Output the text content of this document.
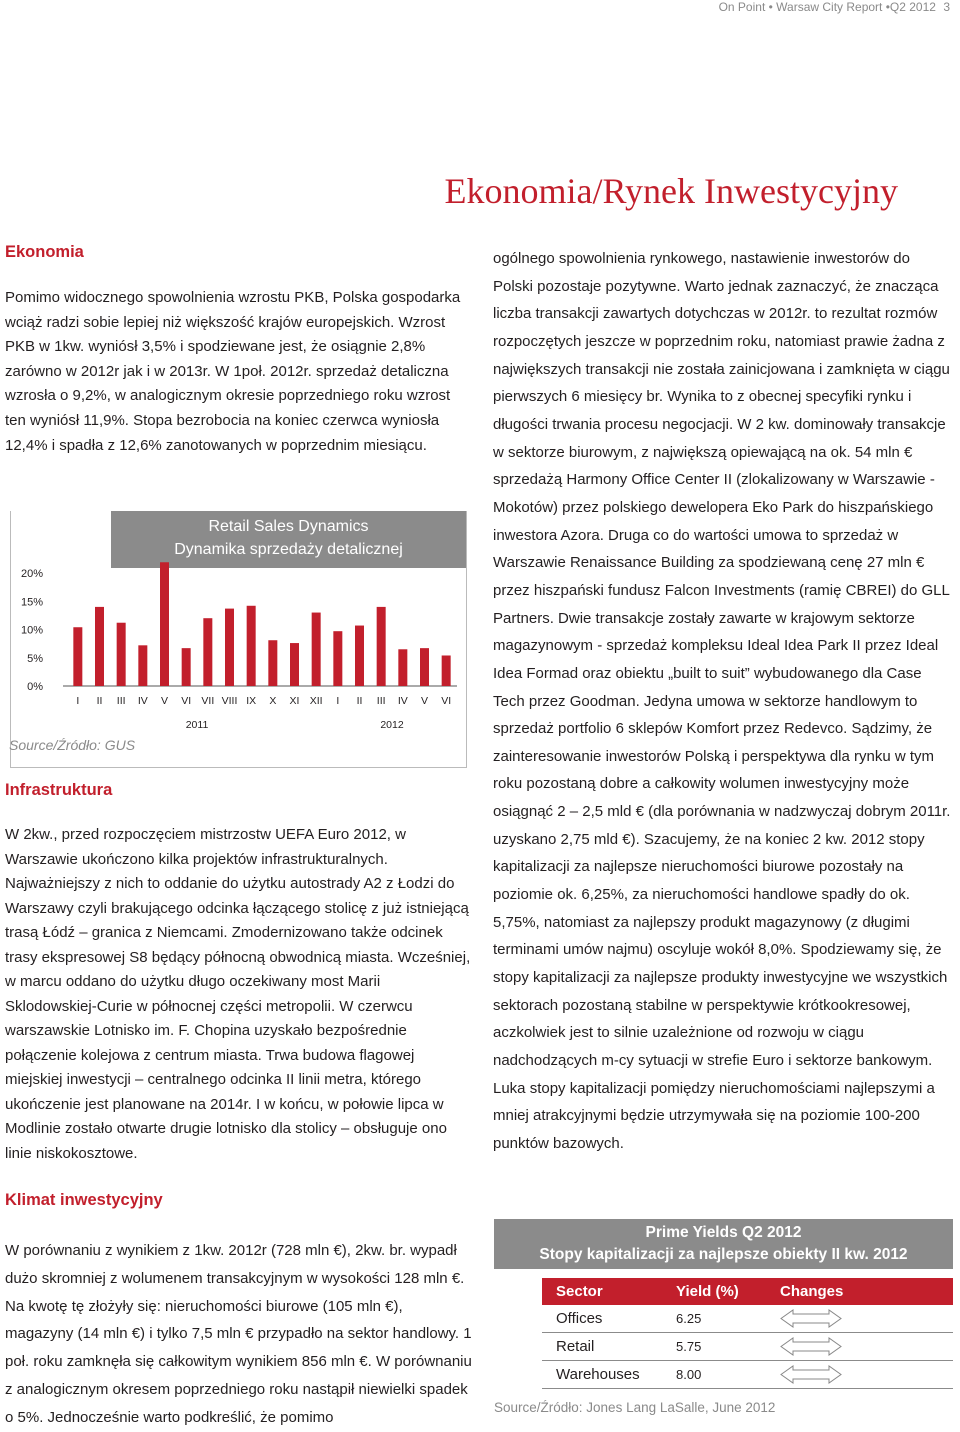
On Point • Warsaw City Report •Q2 2012 3
Ekonomia/Rynek Inwestycyjny
Ekonomia
Pomimo widocznego spowolnienia wzrostu PKB, Polska gospodarka wciąż radzi sobie lepiej niż większość krajów europejskich. Wzrost PKB w 1kw. wyniósł 3,5% i spodziewane jest, że osiągnie 2,8% zarówno w 2012r jak i w 2013r. W 1poł. 2012r. sprzedaż detaliczna wzrosła o 9,2%, w analogicznym okresie poprzedniego roku wzrost ten wyniósł 11,9%. Stopa bezrobocia na koniec czerwca wyniosła 12,4% i spadła z 12,6% zanotowanych w poprzednim miesiącu.
Retail Sales Dynamics
Dynamika sprzedaży detalicznej
0%
5%
10%
15%
20%
I II III IV V VI VII VIII IX X XI XII I II III IV V VI
2011	2012
Source/Źródło: GUS
Infrastruktura
W 2kw., przed rozpoczęciem mistrzostw UEFA Euro 2012, w Warszawie ukończono kilka projektów infrastrukturalnych. Najważniejszy z nich to oddanie do użytku autostrady A2 z Łodzi do Warszawy czyli brakującego odcinka łączącego stolicę z już istniejącą trasą Łódź – granica z Niemcami. Zmodernizowano także odcinek trasy ekspresowej S8 będący północną obwodnicą miasta. Wcześniej, w marcu oddano do użytku długo oczekiwany most Marii Sklodowskiej-Curie w północnej części metropolii. W czerwcu warszawskie Lotnisko im. F. Chopina uzyskało bezpośrednie połączenie kolejowa z centrum miasta. Trwa budowa flagowej miejskiej inwestycji – centralnego odcinka II linii metra, którego ukończenie jest planowane na 2014r. I w końcu, w połowie lipca w Modlinie zostało otwarte drugie lotnisko dla stolicy – obsługuje ono linie niskokosztowe.
Klimat inwestycyjny
W porównaniu z wynikiem z 1kw. 2012r (728 mln €), 2kw. br. wypadł dużo skromniej z wolumenem transakcyjnym w wysokości 128 mln €. Na kwotę tę złożyły się: nieruchomości biurowe (105 mln €), magazyny (14 mln €) i tylko 7,5 mln € przypadło na sektor handlowy. 1 poł. roku zamknęła się całkowitym wynikiem 856 mln €. W porównaniu z analogicznym okresem poprzedniego roku nastąpił niewielki spadek o 5%. Jednocześnie warto podkreślić, że pomimo
ogólnego spowolnienia rynkowego, nastawienie inwestorów do Polski pozostaje pozytywne. Warto jednak zaznaczyć, że znacząca liczba transakcji zawartych dotychczas w 2012r. to rezultat rozmów rozpoczętych jeszcze w poprzednim roku, natomiast prawie żadna z największych transakcji nie została zainicjowana i zamknięta w ciągu pierwszych 6 miesięcy br. Wynika to z obecnej specyfiki rynku i długości trwania procesu negocjacji. W 2 kw. dominowały transakcje w sektorze biurowym, z największą opiewającą na ok. 54 mln € sprzedażą Harmony Office Center II (zlokalizowany w Warszawie - Mokotów) przez polskiego dewelopera Eko Park do hiszpańskiego inwestora Azora. Druga co do wartości umowa to sprzedaż w Warszawie Renaissance Building za spodziewaną cenę 27 mln € przez hiszpański fundusz Falcon Investments (ramię CBREI) do GLL Partners. Dwie transakcje zostały zawarte w krajowym sektorze magazynowym - sprzedaż kompleksu Ideal Idea Park II przez Ideal Idea Formad oraz obiektu „built to suit” wybudowanego dla Case Tech przez Goodman. Jedyna umowa w sektorze handlowym to sprzedaż portfolio 6 sklepów Komfort przez Redevco. Sądzimy, że zainteresowanie inwestorów Polską i perspektywa dla rynku w tym roku pozostaną dobre a całkowity wolumen inwestycyjny może osiągnąć 2 – 2,5 mld € (dla porównania w nadzwyczaj dobrym 2011r. uzyskano 2,75 mld €). Szacujemy, że na koniec 2 kw. 2012 stopy kapitalizacji za najlepsze nieruchomości biurowe pozostały na poziomie ok. 6,25%, za nieruchomości handlowe spadły do ok. 5,75%, natomiast za najlepszy produkt magazynowy (z długimi terminami umów najmu) oscyluje wokół 8,0%. Spodziewamy się, że stopy kapitalizacji za najlepsze produkty inwestycyjne we wszystkich sektorach pozostaną stabilne w perspektywie krótkookresowej, aczkolwiek jest to silnie uzależnione od rozwoju w ciągu nadchodzących m-cy sytuacji w strefie Euro i sektorze bankowym. Luka stopy kapitalizacji pomiędzy nieruchomościami najlepszymi a mniej atrakcyjnymi będzie utrzymywała się na poziomie 100-200 punktów bazowych.
Prime Yields Q2 2012
Stopy kapitalizacji za najlepsze obiekty II kw. 2012
Sector	Yield (%)	Changes
Offices	6.25
Retail	5.75
Warehouses	8.00
Source/Źródło: Jones Lang LaSalle, June 2012
